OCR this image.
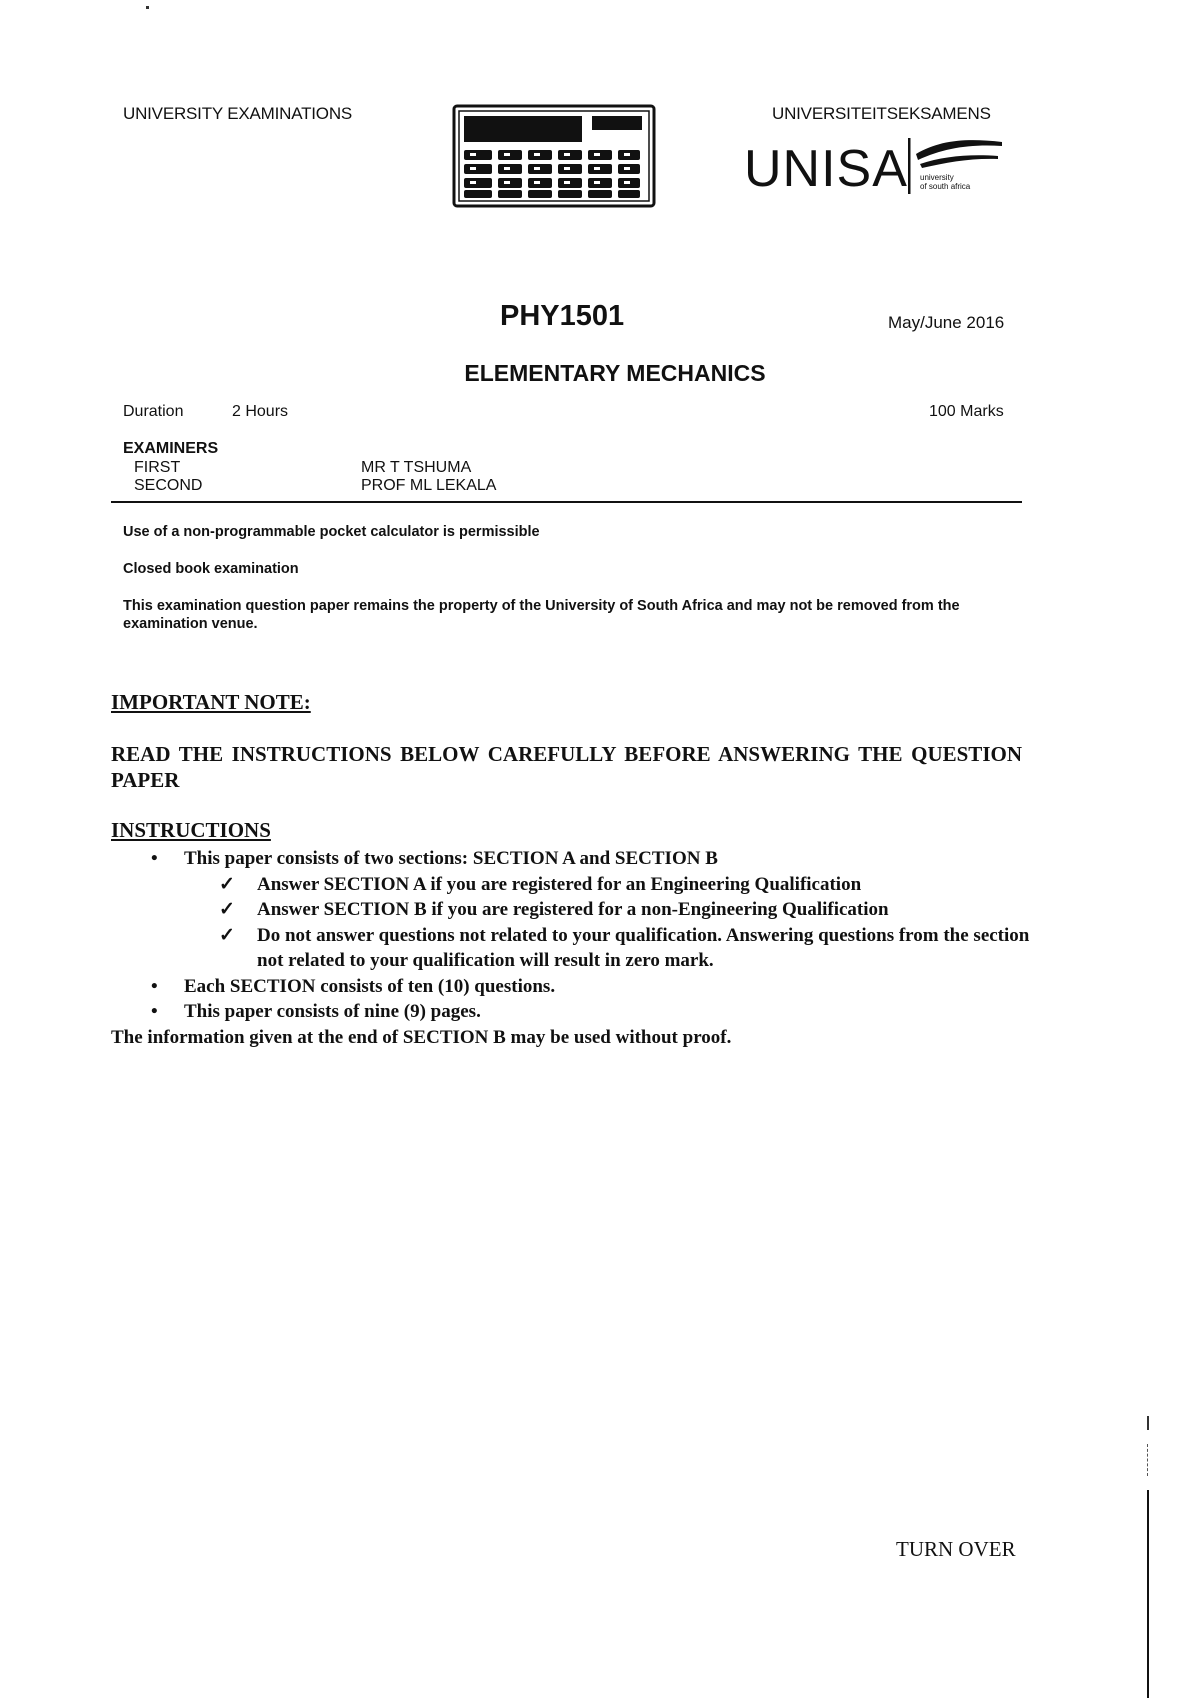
UNIVERSITY EXAMINATIONS	UNIVERSITEITSEKSAMENS
UNISA university
of south africa
PHY1501	May/June 2016
ELEMENTARY MECHANICS
Duration	2 Hours	100 Marks
EXAMINERS
FIRST	MR T TSHUMA
SECOND	PROF ML LEKALA
Use of a non-programmable pocket calculator is permissible
Closed book examination
This examination question paper remains the property of the University of South Africa and may not be removed from the examination venue.
IMPORTANT NOTE:
READ THE INSTRUCTIONS BELOW CAREFULLY BEFORE ANSWERING THE QUESTION PAPER
INSTRUCTIONS
•	This paper consists of two sections: SECTION A and SECTION B
✓	Answer SECTION A if you are registered for an Engineering Qualification
✓	Answer SECTION B if you are registered for a non-Engineering Qualification
✓	Do not answer questions not related to your qualification. Answering questions from the section not related to your qualification will result in zero mark.
•	Each SECTION consists of ten (10) questions.
•	This paper consists of nine (9) pages.
The information given at the end of SECTION B may be used without proof.
TURN OVER
